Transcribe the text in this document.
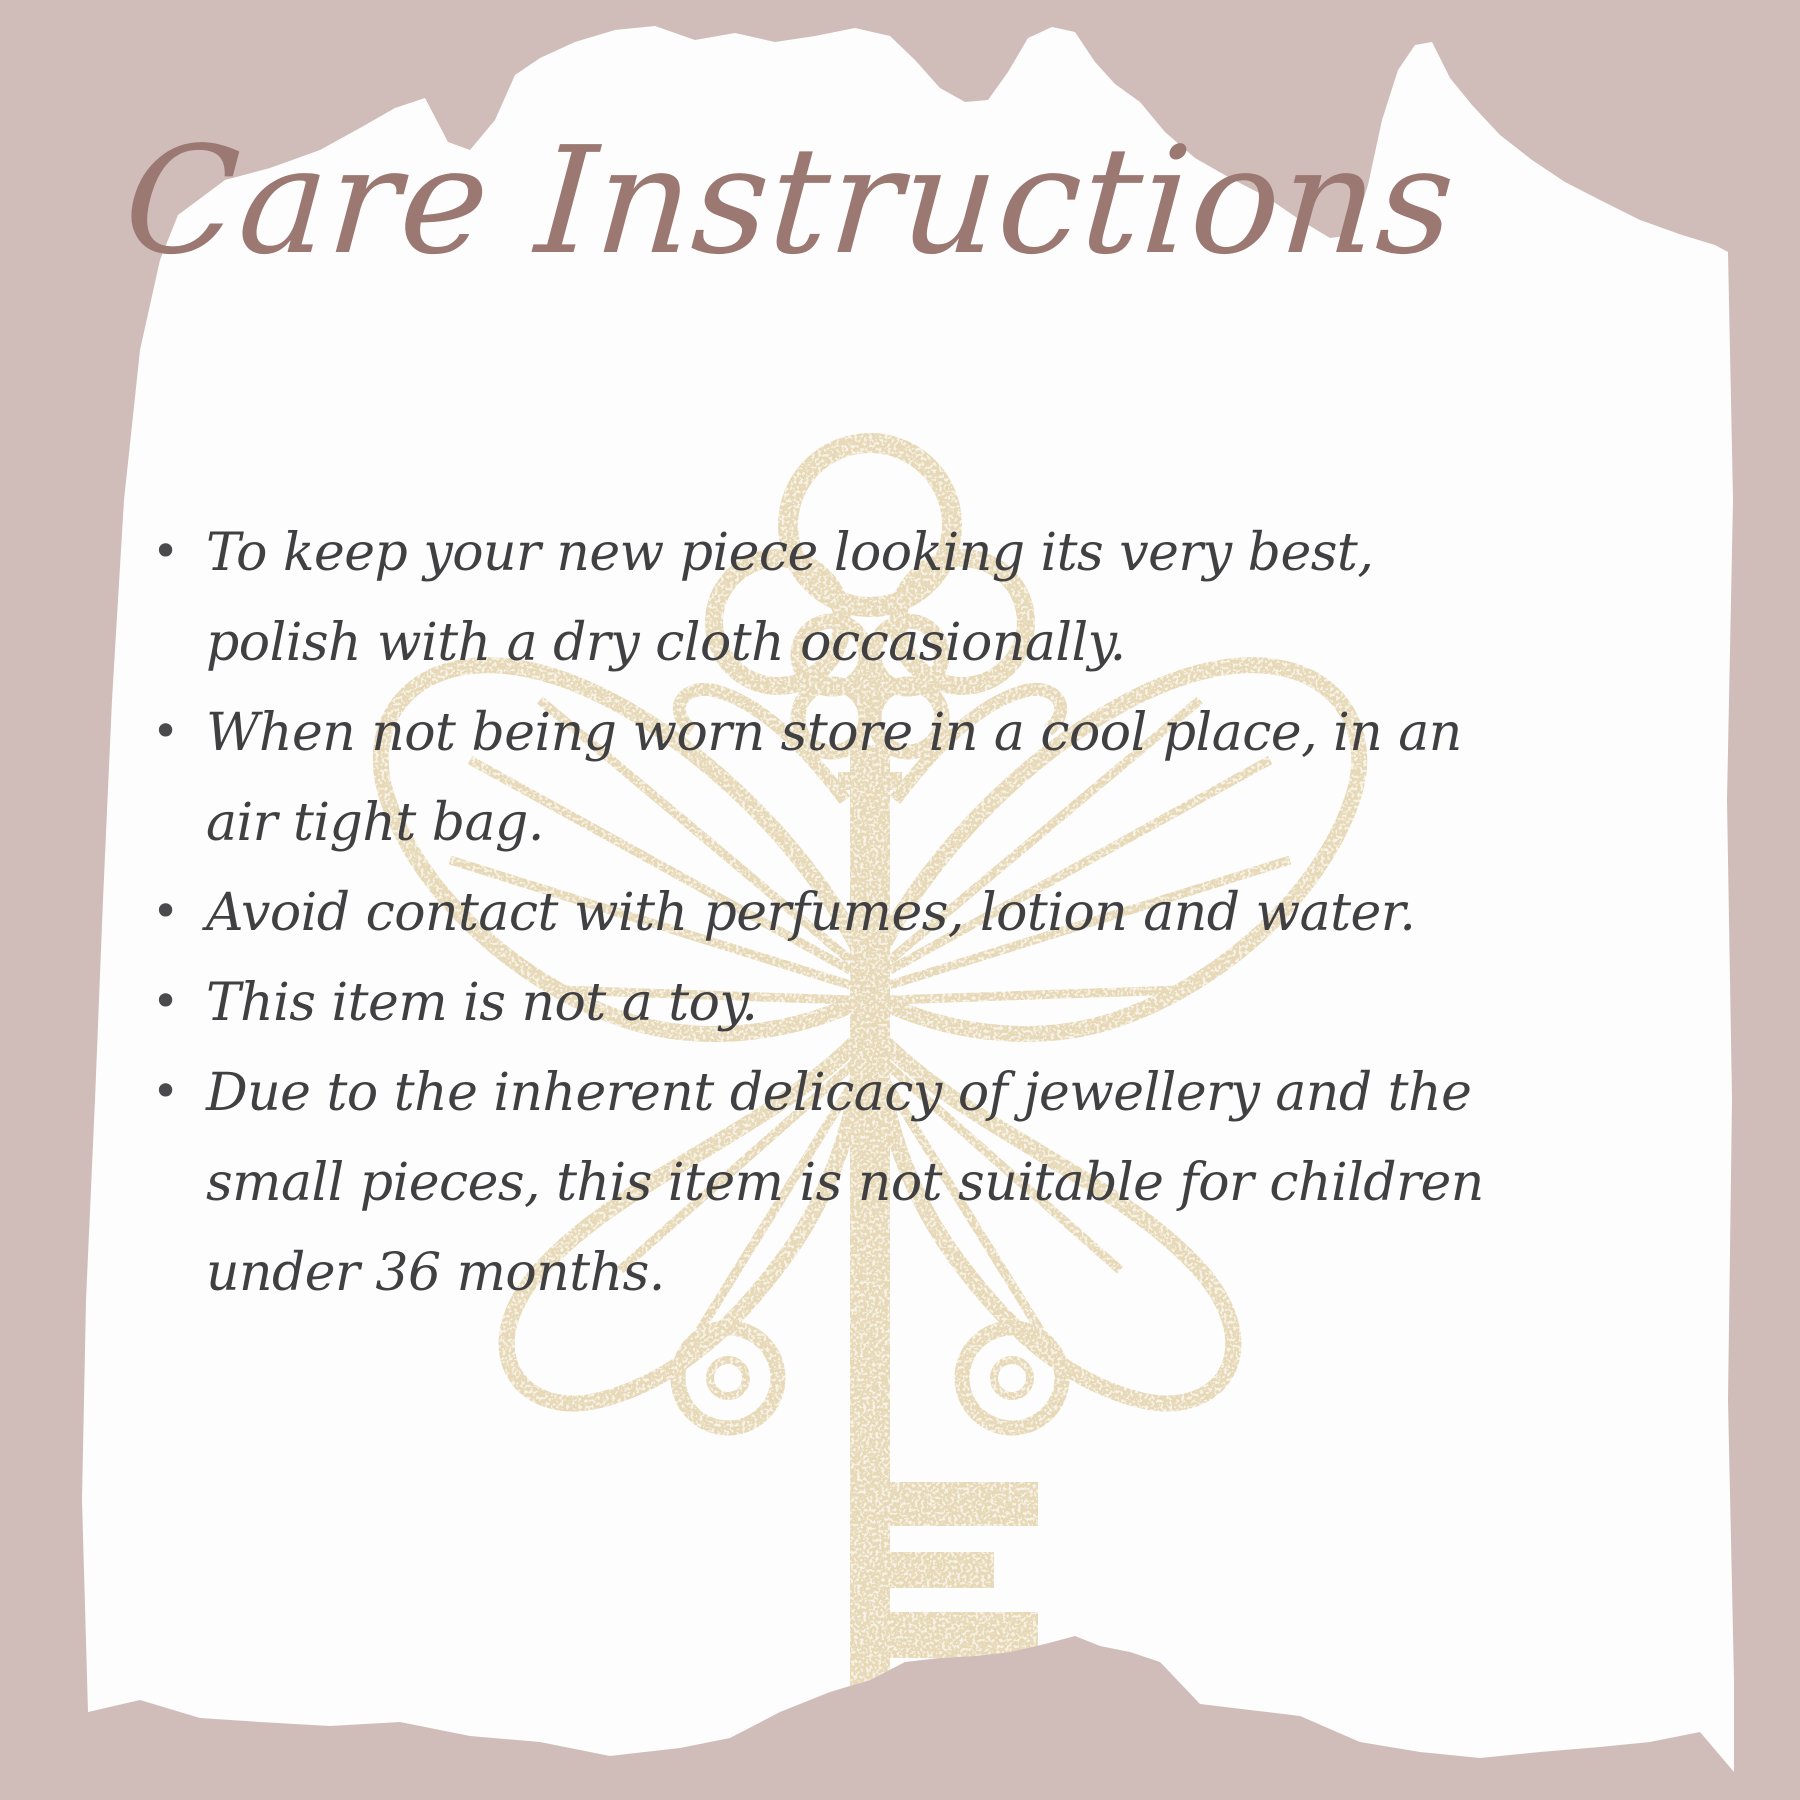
Care Instructions
• To keep your new piece looking its very best, polish with a dry cloth occasionally.
• When not being worn store in a cool place, in an air tight bag.
• Avoid contact with perfumes, lotion and water.
• This item is not a toy.
• Due to the inherent delicacy of jewellery and the small pieces, this item is not suitable for children under 36 months.
